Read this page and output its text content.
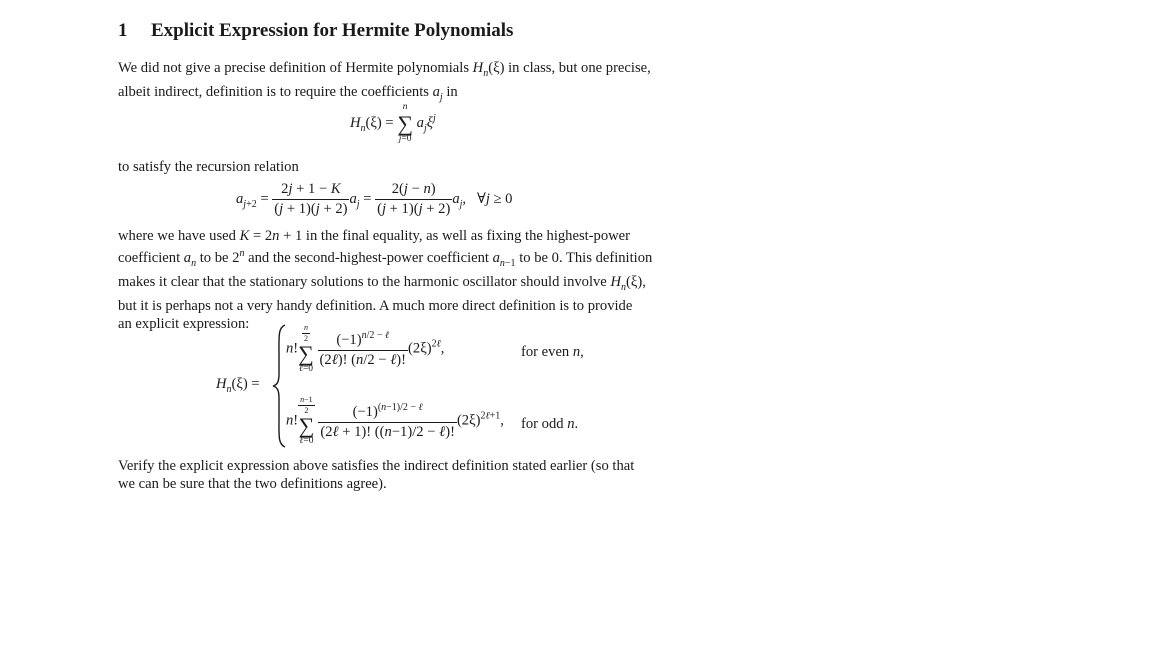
1 Explicit Expression for Hermite Polynomials
We did not give a precise definition of Hermite polynomials $H_n(\xi)$ in class, but one precise,
albeit indirect, definition is to require the coefficients $a_j$ in
$H_n(\xi)$ =
n
∑
j=0
$a_j\xi^j$
to satisfy the recursion relation
$a_{j+2} = \frac{2j + 1 - K}{(j + 1)(j + 2)} a_j = \frac{2(j - n)}{(j + 1)(j + 2)} a_j$,   ∀j ≥ 0
where we have used K = 2n + 1 in the final equality, as well as fixing the highest-power
coefficient $a_n$ to be 2$^n$ and the second-highest-power coefficient $a_{n-1}$ to be 0. This definition
makes it clear that the stationary solutions to the harmonic oscillator should involve $H_n(\xi)$,
but it is perhaps not a very handy definition. A much more direct definition is to provide
an explicit expression:
$H_n(\xi)$ =
n!
$\frac{n}{2}$
∑
ℓ=0

$\frac{(-1)^{n/2 - \ell}}{\text{(2ℓ)! (n/2 − ℓ)!}} (2\xi)^{2\ell}$,	for even n,
n!
$\frac{n-1}{2}$
∑
ℓ=0

$\frac{(-1)^{(n-1)/2 - \ell}}{\text{(2ℓ + 1)! ((n−1)/2 − ℓ)!}} (2\xi)^{2\ell+1}$, for odd n.
Verify the explicit expression above satisfies the indirect definition stated earlier (so that
we can be sure that the two definitions agree).
